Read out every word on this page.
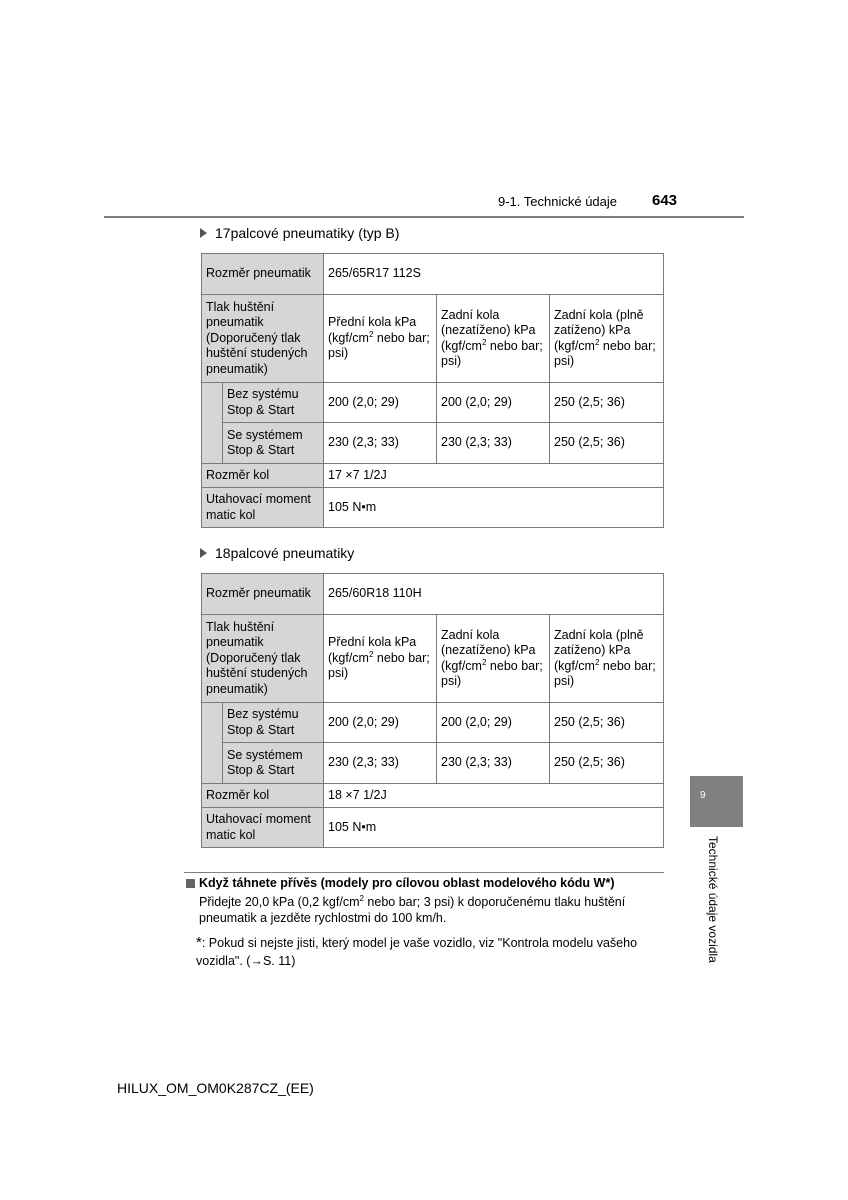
9-1. Technické údaje 643
17palcové pneumatiky (typ B)
Rozměr pneumatik		265/65R17 112S		
Tlak huštění pneumatik (Doporučený tlak huštění studených pneumatik)		Přední kola kPa ($kgf/cm^2$ nebo bar; psi)	Zadní kola (nezatíženo) kPa ($kgf/cm^2$ nebo bar; psi)	Zadní kola (plně zatíženo) kPa ($kgf/cm^2$ nebo bar; psi)
	Bez systému Stop & Start	200 (2,0; 29)	200 (2,0; 29)	250 (2,5; 36)
	Se systémem Stop & Start	230 (2,3; 33)	230 (2,3; 33)	250 (2,5; 36)
Rozměr kol		17 ×7 1/2J		
Utahovací moment matic kol		105 N•m		
18palcové pneumatiky
Rozměr pneumatik		265/60R18 110H		
Tlak huštění pneumatik (Doporučený tlak huštění studených pneumatik)		Přední kola kPa ($kgf/cm^2$ nebo bar; psi)	Zadní kola (nezatíženo) kPa ($kgf/cm^2$ nebo bar; psi)	Zadní kola (plně zatíženo) kPa ($kgf/cm^2$ nebo bar; psi)
	Bez systému Stop & Start	200 (2,0; 29)	200 (2,0; 29)	250 (2,5; 36)
	Se systémem Stop & Start	230 (2,3; 33)	230 (2,3; 33)	250 (2,5; 36)
Rozměr kol		18 ×7 1/2J		
Utahovací moment matic kol		105 N•m		
Když táhnete přívěs (modely pro cílovou oblast modelového kódu W * )
Přidejte 20,0 kPa (0,2 kgf/$cm^2$ nebo bar; 3 psi) k doporučenému tlaku huštění pneumatik a jezděte rychlostmi do 100 km/h.
*: Pokud si nejste jisti, který model je vaše vozidlo, viz "Kontrola modelu vašeho vozidla". (→S. 11)
9
Technické údaje vozidla
HILUX_OM_OM0K287CZ_(EE)
